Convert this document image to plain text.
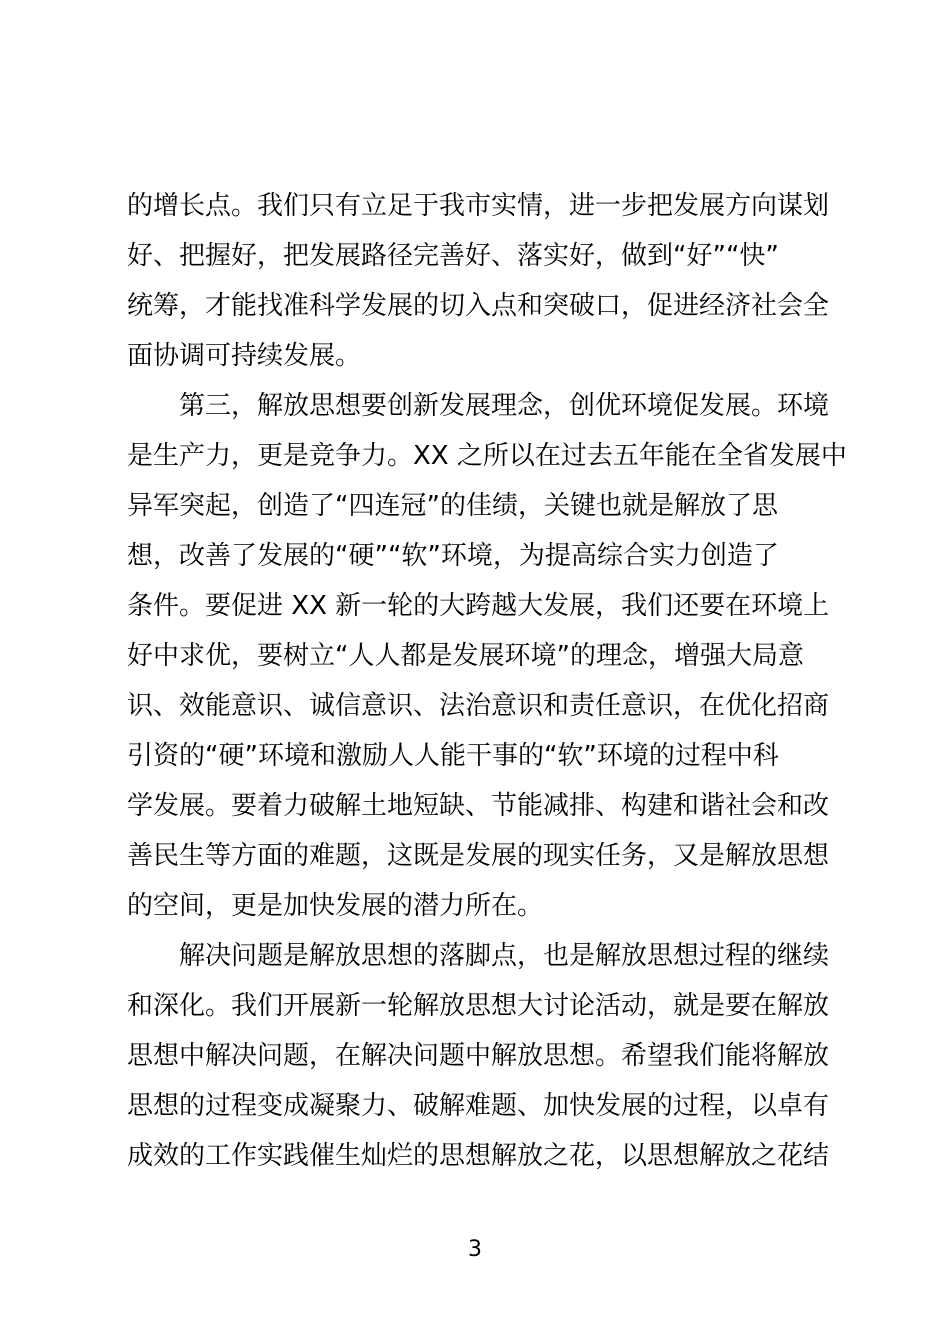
的增长点。我们只有立足于我市实情，进一步把发展方向谋划
好、把握好，把发展路径完善好、落实好，做到“好”“快”
统筹，才能找准科学发展的切入点和突破口，促进经济社会全
面协调可持续发展。
第三，解放思想要创新发展理念，创优环境促发展。环境
是生产力，更是竞争力。XX 之所以在过去五年能在全省发展中
异军突起，创造了“四连冠”的佳绩，关键也就是解放了思
想，改善了发展的“硬”“软”环境，为提高综合实力创造了
条件。要促进 XX 新一轮的大跨越大发展，我们还要在环境上
好中求优，要树立“人人都是发展环境”的理念，增强大局意
识、效能意识、诚信意识、法治意识和责任意识，在优化招商
引资的“硬”环境和激励人人能干事的“软”环境的过程中科
学发展。要着力破解土地短缺、节能减排、构建和谐社会和改
善民生等方面的难题，这既是发展的现实任务，又是解放思想
的空间，更是加快发展的潜力所在。
解决问题是解放思想的落脚点，也是解放思想过程的继续
和深化。我们开展新一轮解放思想大讨论活动，就是要在解放
思想中解决问题，在解决问题中解放思想。希望我们能将解放
思想的过程变成凝聚力、破解难题、加快发展的过程，以卓有
成效的工作实践催生灿烂的思想解放之花，以思想解放之花结
3
